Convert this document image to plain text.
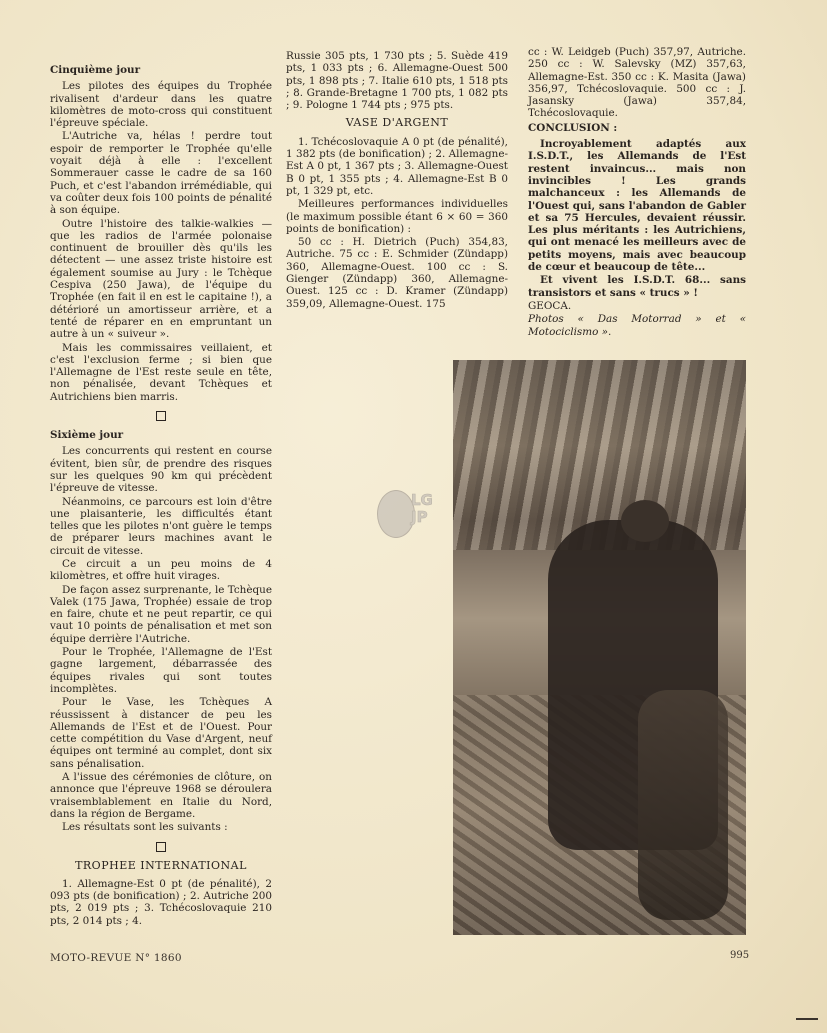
Cinquième jour

Les pilotes des équipes du Trophée rivalisent d'ardeur dans les quatre kilomètres de moto-cross qui constituent l'épreuve spéciale.

L'Autriche va, hélas ! perdre tout espoir de remporter le Trophée qu'elle voyait déjà à elle : l'excellent Sommerauer casse le cadre de sa 160 Puch, et c'est l'abandon irrémédiable, qui va coûter deux fois 100 points de pénalité à son équipe.

Outre l'histoire des talkie-walkies — que les radios de l'armée polonaise continuent de brouiller dès qu'ils les détectent — une assez triste histoire est également soumise au Jury : le Tchèque Cespiva (250 Jawa), de l'équipe du Trophée (en fait il en est le capitaine !), a détérioré un amortisseur arrière, et a tenté de réparer en en empruntant un autre à un « suiveur ».

Mais les commissaires veillaient, et c'est l'exclusion ferme ; si bien que l'Allemagne de l'Est reste seule en tête, non pénalisée, devant Tchèques et Autrichiens bien marris.

Sixième jour

Les concurrents qui restent en course évitent, bien sûr, de prendre des risques sur les quelques 90 km qui précèdent l'épreuve de vitesse.

Néanmoins, ce parcours est loin d'être une plaisanterie, les difficultés étant telles que les pilotes n'ont guère le temps de préparer leurs machines avant le circuit de vitesse.

Ce circuit a un peu moins de 4 kilomètres, et offre huit virages.

De façon assez surprenante, le Tchèque Valek (175 Jawa, Trophée) essaie de trop en faire, chute et ne peut repartir, ce qui vaut 10 points de pénalisation et met son équipe derrière l'Autriche.

Pour le Trophée, l'Allemagne de l'Est gagne largement, débarrassée des équipes rivales qui sont toutes incomplètes.

Pour le Vase, les Tchèques A réussissent à distancer de peu les Allemands de l'Est et de l'Ouest. Pour cette compétition du Vase d'Argent, neuf équipes ont terminé au complet, dont six sans pénalisation.

A l'issue des cérémonies de clôture, on annonce que l'épreuve 1968 se déroulera vraisemblablement en Italie du Nord, dans la région de Bergame.

Les résultats sont les suivants :

TROPHEE INTERNATIONAL

1. Allemagne-Est 0 pt (de pénalité), 2 093 pts (de bonification) ; 2. Autriche 200 pts, 2 019 pts ; 3. Tchécoslovaquie 210 pts, 2 014 pts ; 4.

Russie 305 pts, 1 730 pts ; 5. Suède 419 pts, 1 033 pts ; 6. Allemagne-Ouest 500 pts, 1 898 pts ; 7. Italie 610 pts, 1 518 pts ; 8. Grande-Bretagne 1 700 pts, 1 082 pts ; 9. Pologne 1 744 pts ; 975 pts.

VASE D'ARGENT

1. Tchécoslovaquie A 0 pt (de pénalité), 1 382 pts (de bonification) ; 2. Allemagne-Est A 0 pt, 1 367 pts ; 3. Allemagne-Ouest B 0 pt, 1 355 pts ; 4. Allemagne-Est B 0 pt, 1 329 pt, etc.

Meilleures performances individuelles (le maximum possible étant 6 × 60 = 360 points de bonification) :

50 cc : H. Dietrich (Puch) 354,83, Autriche. 75 cc : E. Schmider (Zündapp) 360, Allemagne-Ouest. 100 cc : S. Gienger (Zündapp) 360, Allemagne-Ouest. 125 cc : D. Kramer (Zündapp) 359,09, Allemagne-Ouest. 175

cc : W. Leidgeb (Puch) 357,97, Autriche. 250 cc : W. Salevsky (MZ) 357,63, Allemagne-Est. 350 cc : K. Masita (Jawa) 356,97, Tchécoslovaquie. 500 cc : J. Jasansky (Jawa) 357,84, Tchécoslovaquie.

CONCLUSION :

Incroyablement adaptés aux I.S.D.T., les Allemands de l'Est restent invaincus... mais non invincibles ! Les grands malchanceux : les Allemands de l'Ouest qui, sans l'abandon de Gabler et sa 75 Hercules, devaient réussir. Les plus méritants : les Autrichiens, qui ont menacé les meilleurs avec de petits moyens, mais avec beaucoup de cœur et beaucoup de tête...

Et vivent les I.S.D.T. 68... sans transistors et sans « trucs » !

GEOCA.

Photos « Das Motorrad » et « Motociclismo ».

LG
JP
MOTO-REVUE N° 1860	995
